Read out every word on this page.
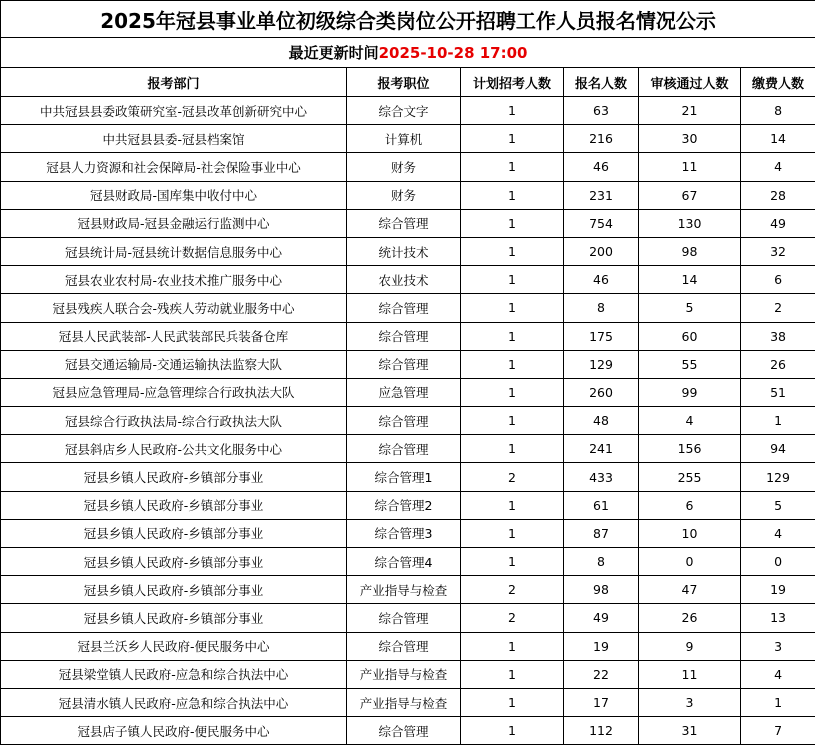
2025年冠县事业单位初级综合类岗位公开招聘工作人员报名情况公示					
最近更新时间2025-10-28 17:00					
报考部门	报考职位	计划招考人数	报名人数	审核通过人数	缴费人数
中共冠县县委政策研究室-冠县改革创新研究中心	综合文字	1	63	21	8
中共冠县县委-冠县档案馆	计算机	1	216	30	14
冠县人力资源和社会保障局-社会保险事业中心	财务	1	46	11	4
冠县财政局-国库集中收付中心	财务	1	231	67	28
冠县财政局-冠县金融运行监测中心	综合管理	1	754	130	49
冠县统计局-冠县统计数据信息服务中心	统计技术	1	200	98	32
冠县农业农村局-农业技术推广服务中心	农业技术	1	46	14	6
冠县残疾人联合会-残疾人劳动就业服务中心	综合管理	1	8	5	2
冠县人民武装部-人民武装部民兵装备仓库	综合管理	1	175	60	38
冠县交通运输局-交通运输执法监察大队	综合管理	1	129	55	26
冠县应急管理局-应急管理综合行政执法大队	应急管理	1	260	99	51
冠县综合行政执法局-综合行政执法大队	综合管理	1	48	4	1
冠县斜店乡人民政府-公共文化服务中心	综合管理	1	241	156	94
冠县乡镇人民政府-乡镇部分事业	综合管理1	2	433	255	129
冠县乡镇人民政府-乡镇部分事业	综合管理2	1	61	6	5
冠县乡镇人民政府-乡镇部分事业	综合管理3	1	87	10	4
冠县乡镇人民政府-乡镇部分事业	综合管理4	1	8	0	0
冠县乡镇人民政府-乡镇部分事业	产业指导与检查	2	98	47	19
冠县乡镇人民政府-乡镇部分事业	综合管理	2	49	26	13
冠县兰沃乡人民政府-便民服务中心	综合管理	1	19	9	3
冠县梁堂镇人民政府-应急和综合执法中心	产业指导与检查	1	22	11	4
冠县清水镇人民政府-应急和综合执法中心	产业指导与检查	1	17	3	1
冠县店子镇人民政府-便民服务中心	综合管理	1	112	31	7
